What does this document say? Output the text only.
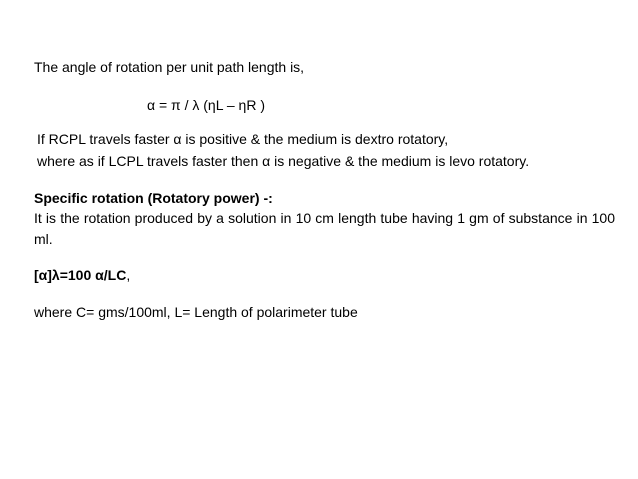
The angle of rotation per unit path length is,
α = π / λ (ηL – ηR )
If RCPL travels faster α is positive & the medium is dextro rotatory,
where as if LCPL travels faster then α is negative & the medium is levo rotatory.
Specific rotation (Rotatory power) -:
It is the rotation produced by a solution in 10 cm length tube having 1 gm of substance in 100 ml.
[α]λ=100 α/LC,
where C= gms/100ml, L= Length of polarimeter tube
